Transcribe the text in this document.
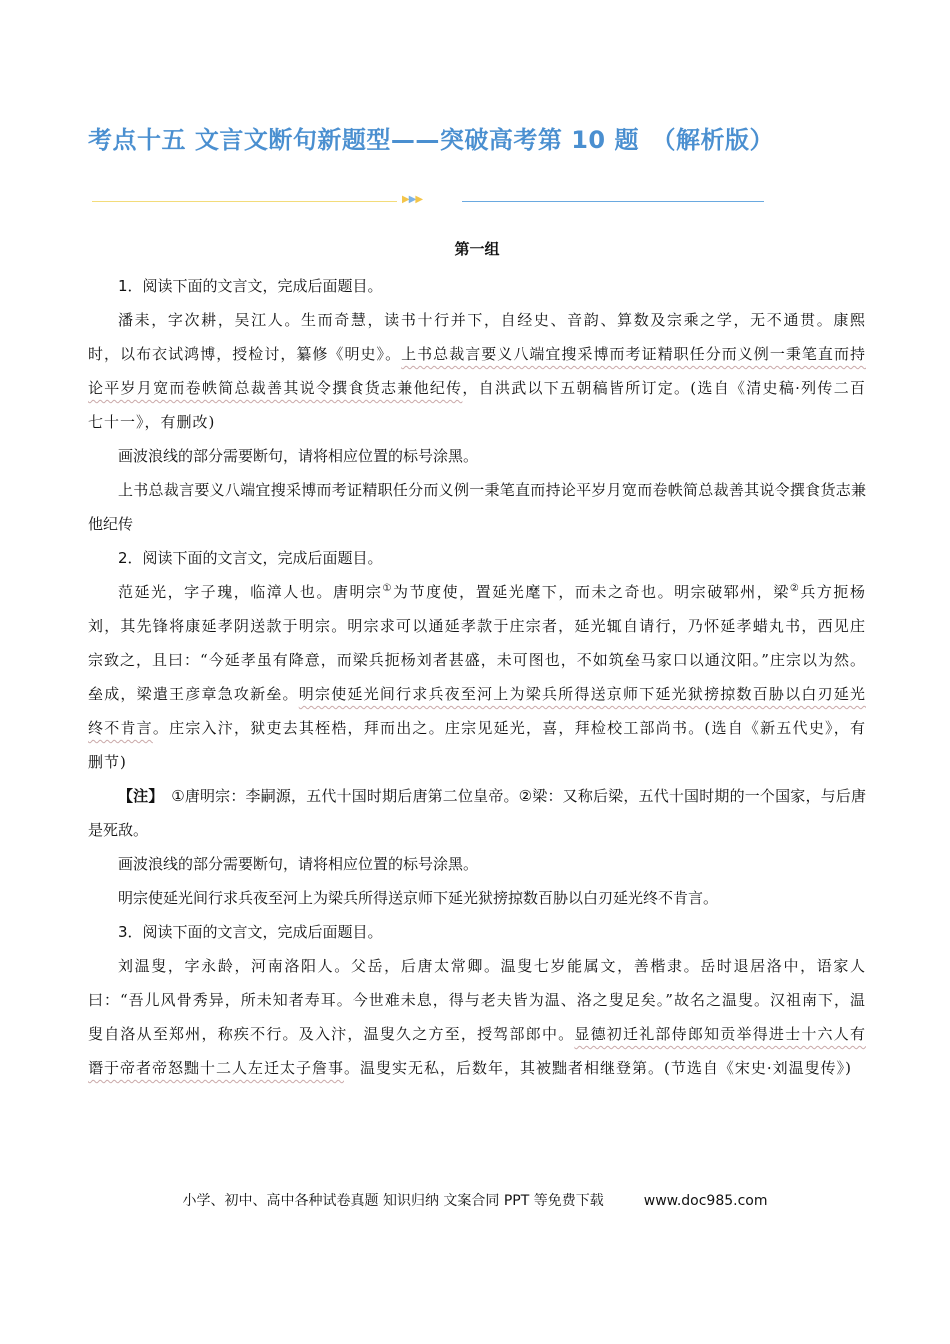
考点十五 文言文断句新题型——突破高考第 10 题　（解析版）
▶▶▶
第一组

1．阅读下面的文言文，完成后面题目。

潘耒，字次耕，吴江人。生而奇慧，读书十行并下，自经史、音韵、算数及宗乘之学，无不通贯。康熙时，以布衣试鸿博，授检讨，纂修《明史》。上书总裁言要义八端宜搜采博而考证精职任分而义例一秉笔直而持论平岁月宽而卷帙简总裁善其说令撰食货志兼他纪传，自洪武以下五朝稿皆所订定。(选自《清史稿·列传二百七十一》，有删改)

画波浪线的部分需要断句，请将相应位置的标号涂黑。

上书总裁言要义八端宜搜采博而考证精职任分而义例一秉笔直而持论平岁月宽而卷帙简总裁善其说令撰食货志兼他纪传

2．阅读下面的文言文，完成后面题目。

范延光，字子瑰，临漳人也。唐明宗①为节度使，置延光麾下，而未之奇也。明宗破郓州，梁②兵方扼杨刘，其先锋将康延孝阴送款于明宗。明宗求可以通延孝款于庄宗者，延光辄自请行，乃怀延孝蜡丸书，西见庄宗致之，且曰：“今延孝虽有降意，而梁兵扼杨刘者甚盛，未可图也，不如筑垒马家口以通汶阳。”庄宗以为然。垒成，梁遣王彦章急攻新垒。明宗使延光间行求兵夜至河上为梁兵所得送京师下延光狱搒掠数百胁以白刃延光终不肯言。庄宗入汴，狱吏去其桎梏，拜而出之。庄宗见延光，喜，拜检校工部尚书。(选自《新五代史》，有删节)

【注】　①唐明宗：李嗣源，五代十国时期后唐第二位皇帝。②梁：又称后梁，五代十国时期的一个国家，与后唐是死敌。

画波浪线的部分需要断句，请将相应位置的标号涂黑。

明宗使延光间行求兵夜至河上为梁兵所得送京师下延光狱搒掠数百胁以白刃延光终不肯言。

3．阅读下面的文言文，完成后面题目。

刘温叟，字永龄，河南洛阳人。父岳，后唐太常卿。温叟七岁能属文，善楷隶。岳时退居洛中，语家人曰：“吾儿风骨秀异，所未知者寿耳。今世难未息，得与老夫皆为温、洛之叟足矣。”故名之温叟。汉祖南下，温叟自洛从至郑州，称疾不行。及入汴，温叟久之方至，授驾部郎中。显德初迁礼部侍郎知贡举得进士十六人有谮于帝者帝怒黜十二人左迁太子詹事。温叟实无私，后数年，其被黜者相继登第。(节选自《宋史·刘温叟传》)

小学、初中、高中各种试卷真题 知识归纳 文案合同 PPT 等免费下载	www.doc985.com
